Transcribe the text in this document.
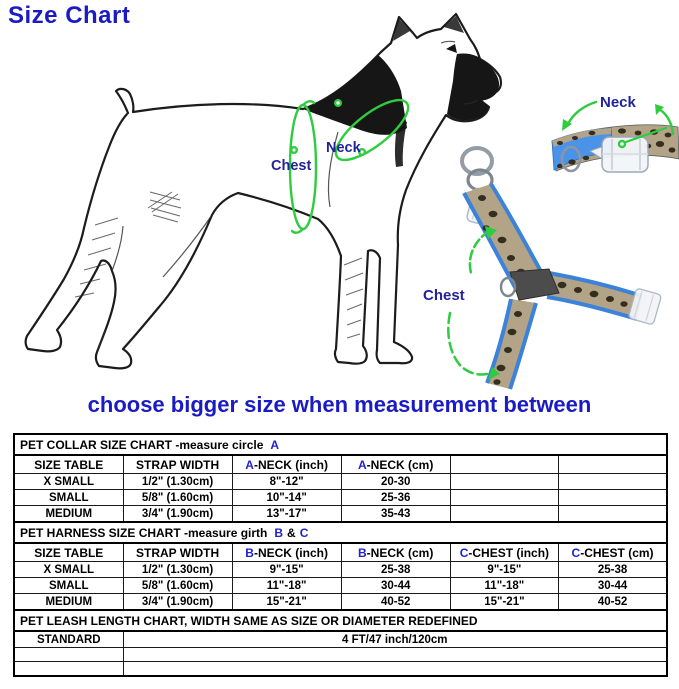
Size Chart
Chest
Neck
Neck
Chest
choose bigger size when measurement between
PET COLLAR SIZE CHART -measure circle A					
SIZE TABLE	STRAP WIDTH	A-NECK (inch)	A-NECK (cm)		
X SMALL	1/2" (1.30cm)	8"-12"	20-30		
SMALL	5/8" (1.60cm)	10"-14"	25-36		
MEDIUM	3/4" (1.90cm)	13"-17"	35-43		
PET HARNESS SIZE CHART -measure girth B & C					
SIZE TABLE	STRAP WIDTH	B-NECK (inch)	B-NECK (cm)	C-CHEST (inch)	C-CHEST (cm)
X SMALL	1/2" (1.30cm)	9"-15"	25-38	9"-15"	25-38
SMALL	5/8" (1.60cm)	11"-18"	30-44	11"-18"	30-44
MEDIUM	3/4" (1.90cm)	15"-21"	40-52	15"-21"	40-52
PET LEASH LENGTH CHART, WIDTH SAME AS SIZE OR DIAMETER REDEFINED					
STANDARD	4 FT/47 inch/120cm				
